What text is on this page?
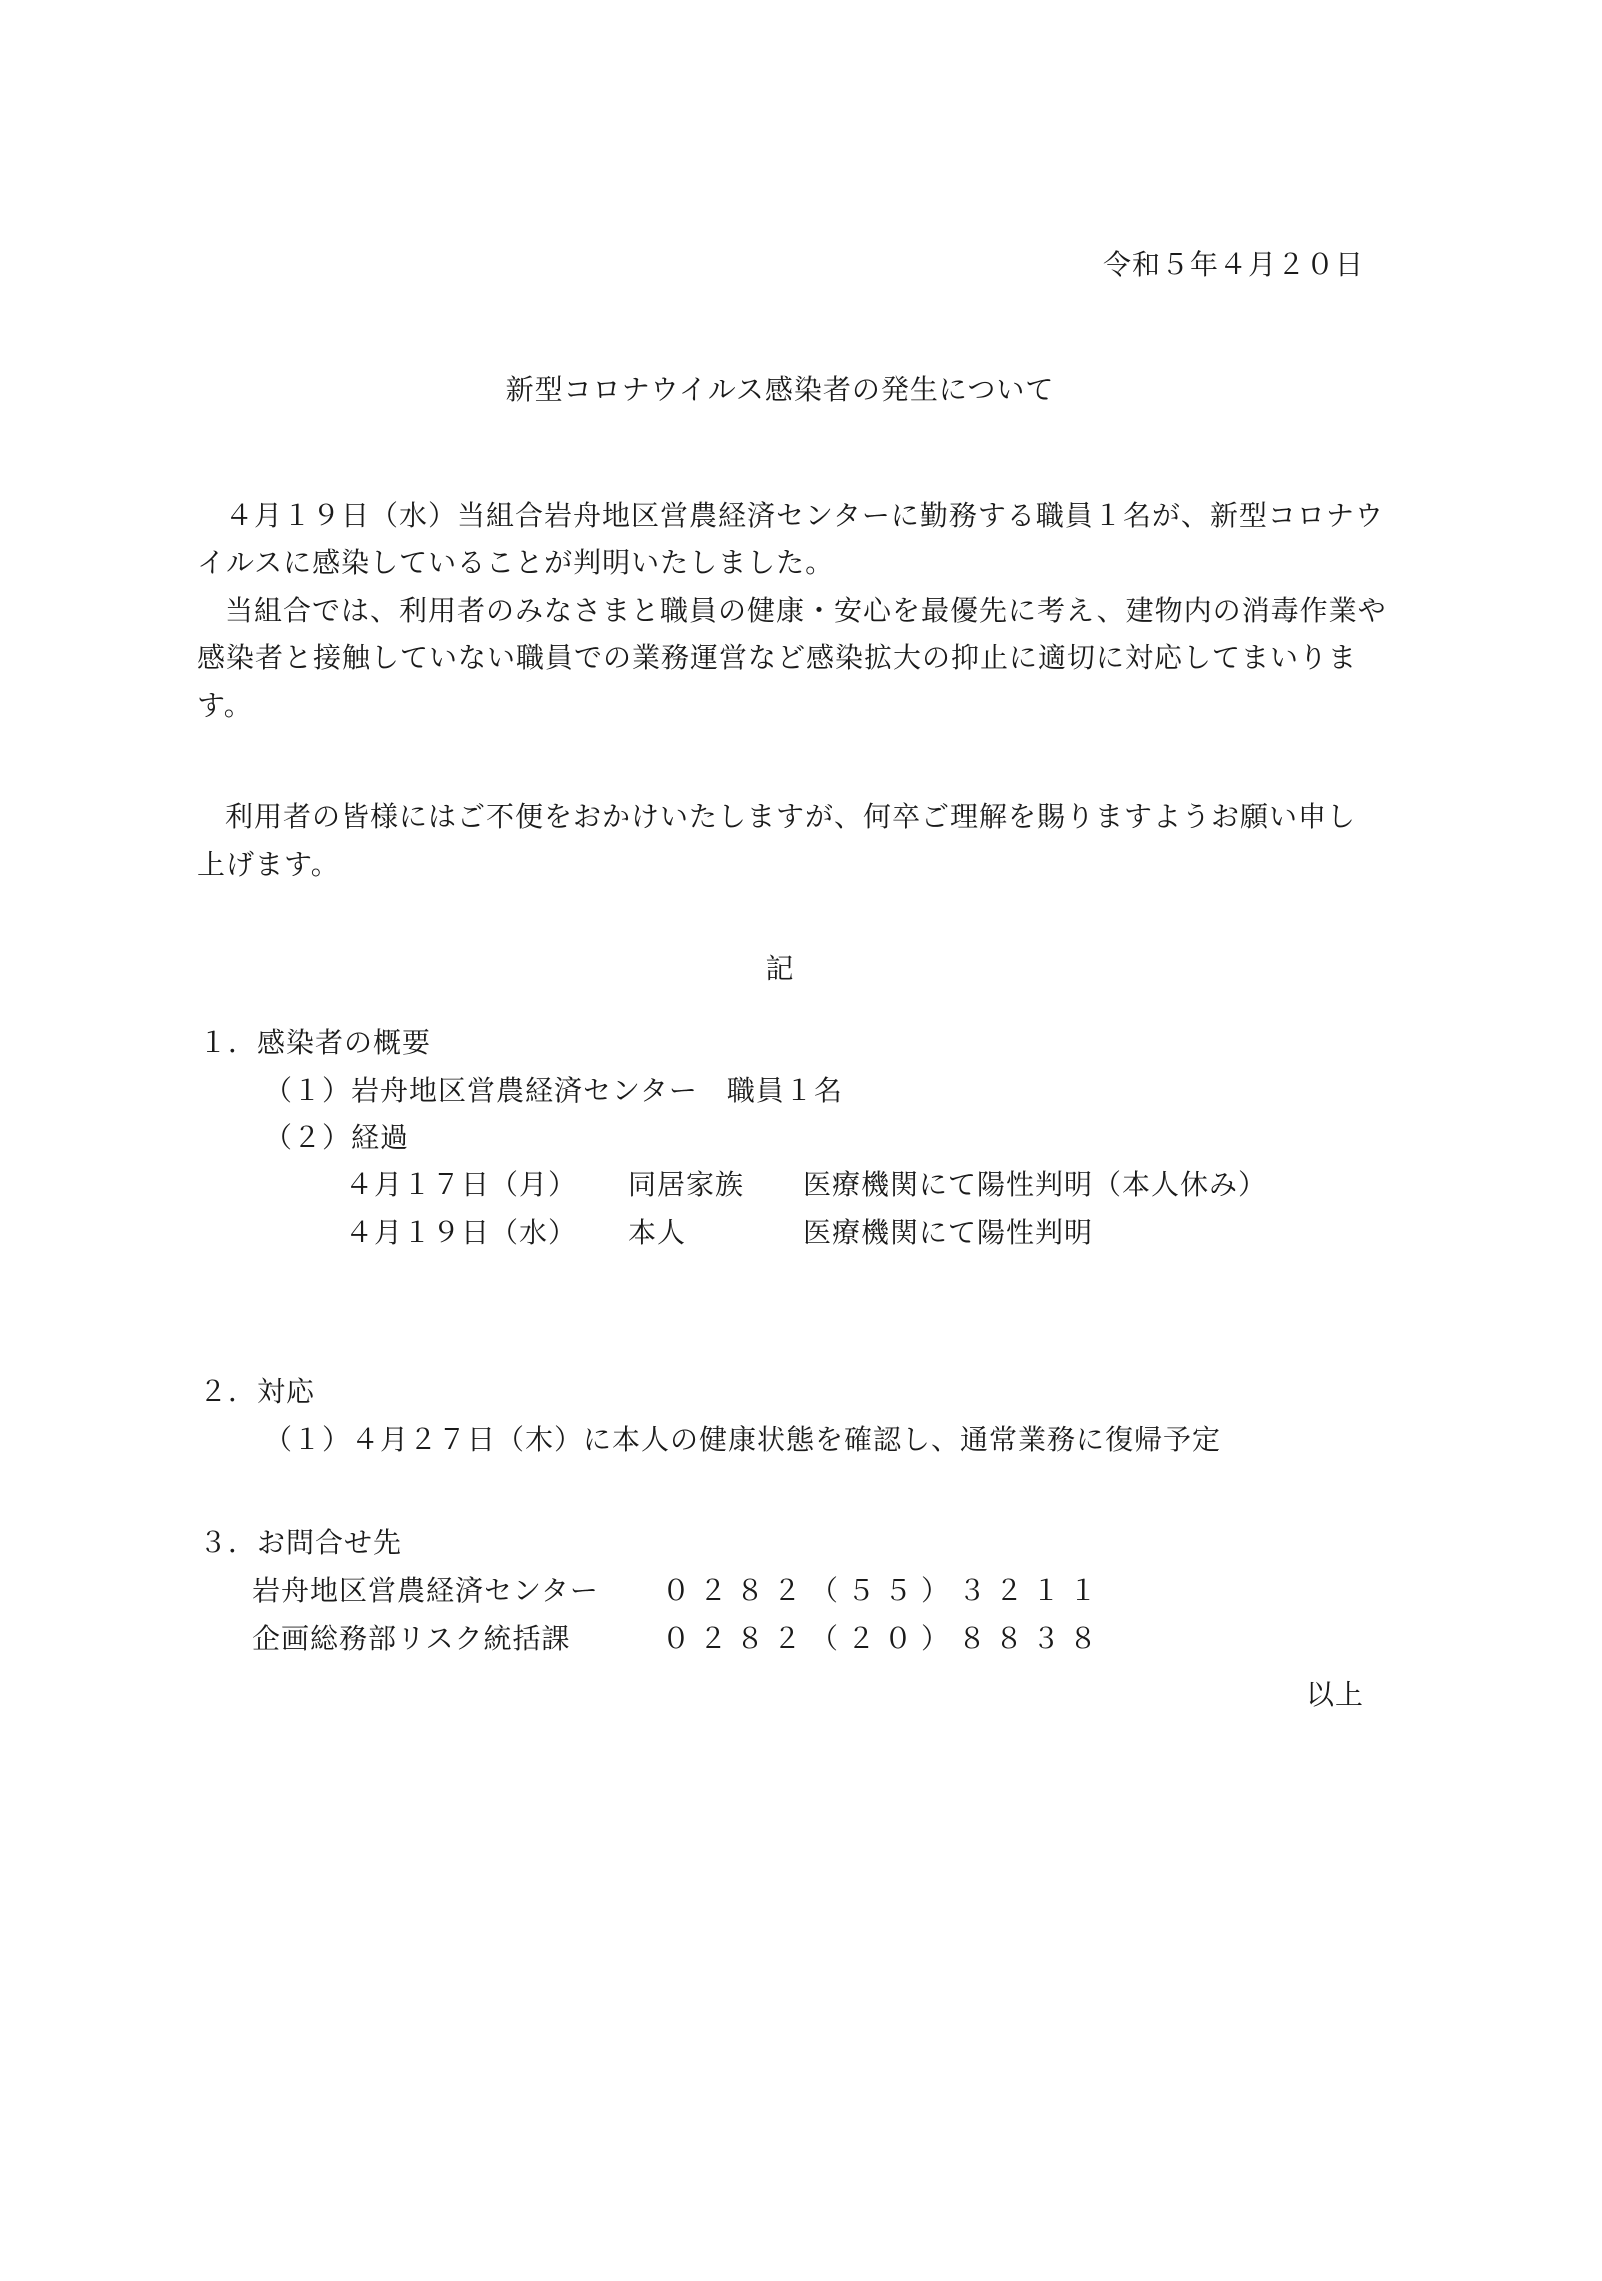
令和５年４月２０日
新型コロナウイルス感染者の発生について
４月１９日（水）当組合岩舟地区営農経済センターに勤務する職員１名が、新型コロナウ
イルスに感染していることが判明いたしました。
当組合では、利用者のみなさまと職員の健康・安心を最優先に考え、建物内の消毒作業や
感染者と接触していない職員での業務運営など感染拡大の抑止に適切に対応してまいりま
す。
利用者の皆様にはご不便をおかけいたしますが、何卒ご理解を賜りますようお願い申し
上げます。
記
１．感染者の概要
（１）岩舟地区営農経済センター　職員１名
（２）経過
４月１７日（月） 同居家族 医療機関にて陽性判明（本人休み）
４月１９日（水） 本人	医療機関にて陽性判明
２．対応
（１）４月２７日（木）に本人の健康状態を確認し、通常業務に復帰予定
３．お問合せ先
岩舟地区営農経済センター ０２８２（５５）３２１１
企画総務部リスク統括課	０２８２（２０）８８３８
以上
